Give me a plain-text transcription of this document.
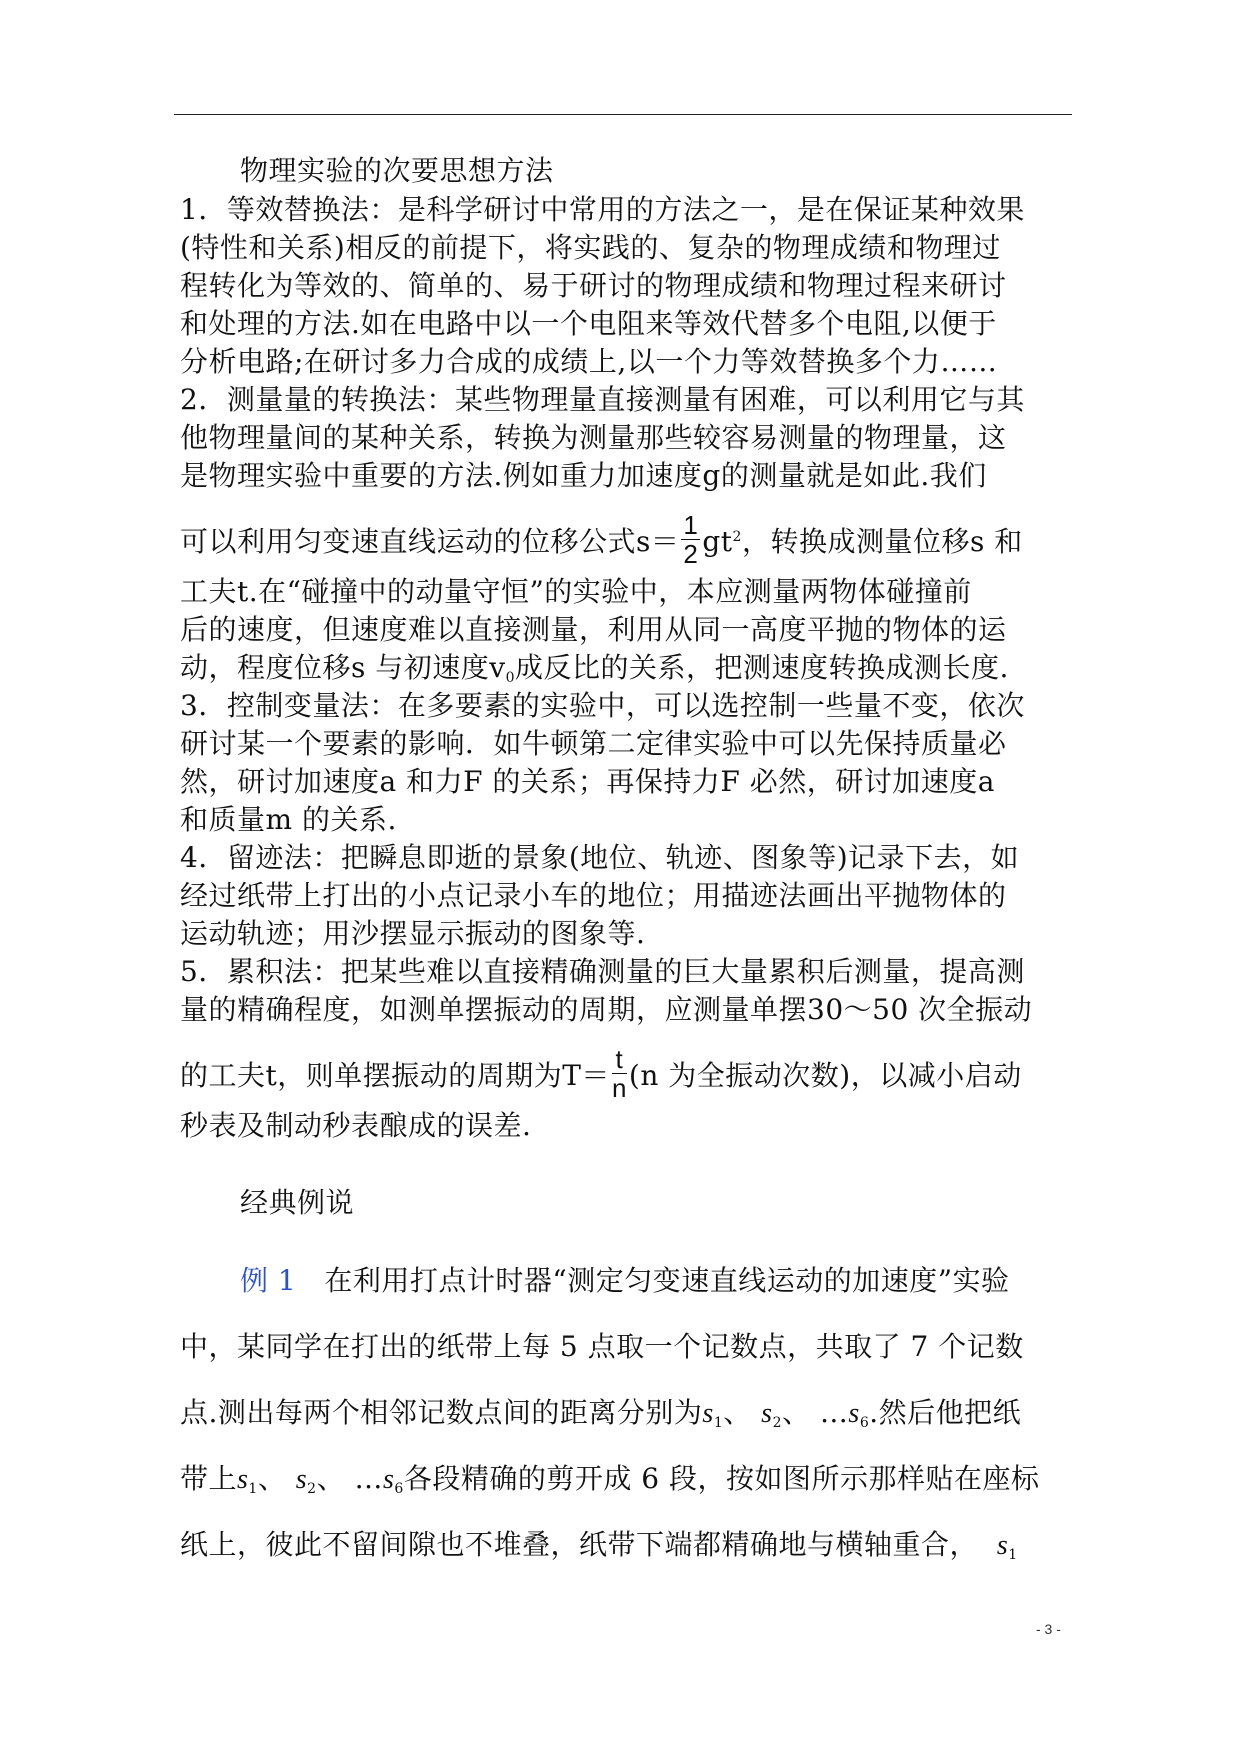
物理实验的次要思想方法
1．等效替换法：是科学研讨中常用的方法之一，是在保证某种效果
(特性和关系)相反的前提下，将实践的、复杂的物理成绩和物理过
程转化为等效的、简单的、易于研讨的物理成绩和物理过程来研讨
和处理的方法.如在电路中以一个电阻来等效代替多个电阻,以便于
分析电路;在研讨多力合成的成绩上,以一个力等效替换多个力……
2．测量量的转换法：某些物理量直接测量有困难，可以利用它与其
他物理量间的某种关系，转换为测量那些较容易测量的物理量，这
是物理实验中重要的方法.例如重力加速度g的测量就是如此.我们
可以利用匀变速直线运动的位移公式$s= \frac{1}{2} gt^2$，转换成测量位移s 和
工夫t.在“碰撞中的动量守恒”的实验中，本应测量两物体碰撞前
后的速度，但速度难以直接测量，利用从同一高度平抛的物体的运
动，程度位移s 与初速度$v_0$成反比的关系，把测速度转换成测长度.
3．控制变量法：在多要素的实验中，可以选控制一些量不变，依次
研讨某一个要素的影响．如牛顿第二定律实验中可以先保持质量必
然，研讨加速度a 和力F 的关系；再保持力F 必然，研讨加速度a
和质量m 的关系.
4．留迹法：把瞬息即逝的景象(地位、轨迹、图象等)记录下去，如
经过纸带上打出的小点记录小车的地位；用描迹法画出平抛物体的
运动轨迹；用沙摆显示振动的图象等.
5．累积法：把某些难以直接精确测量的巨大量累积后测量，提高测
量的精确程度，如测单摆振动的周期，应测量单摆30～50 次全振动
的工夫t，则单摆振动的周期为$T= \frac{t}{n} (n$ 为全振动次数)，以减小启动
秒表及制动秒表酿成的误差.
经典例说
例 1 在利用打点计时器“测定匀变速直线运动的加速度”实验
中，某同学在打出的纸带上每 5 点取一个记数点，共取了 7 个记数
点.测出每两个相邻记数点间的距离分别为$s_1$、 $s_2$、 $\dots s_6$.然后他把纸
带上$s_1$、 $s_2$、 $\dots s_6$各段精确的剪开成 6 段，按如图所示那样贴在座标
纸上，彼此不留间隙也不堆叠，纸带下端都精确地与横轴重合， $s_1$
- 3 -
